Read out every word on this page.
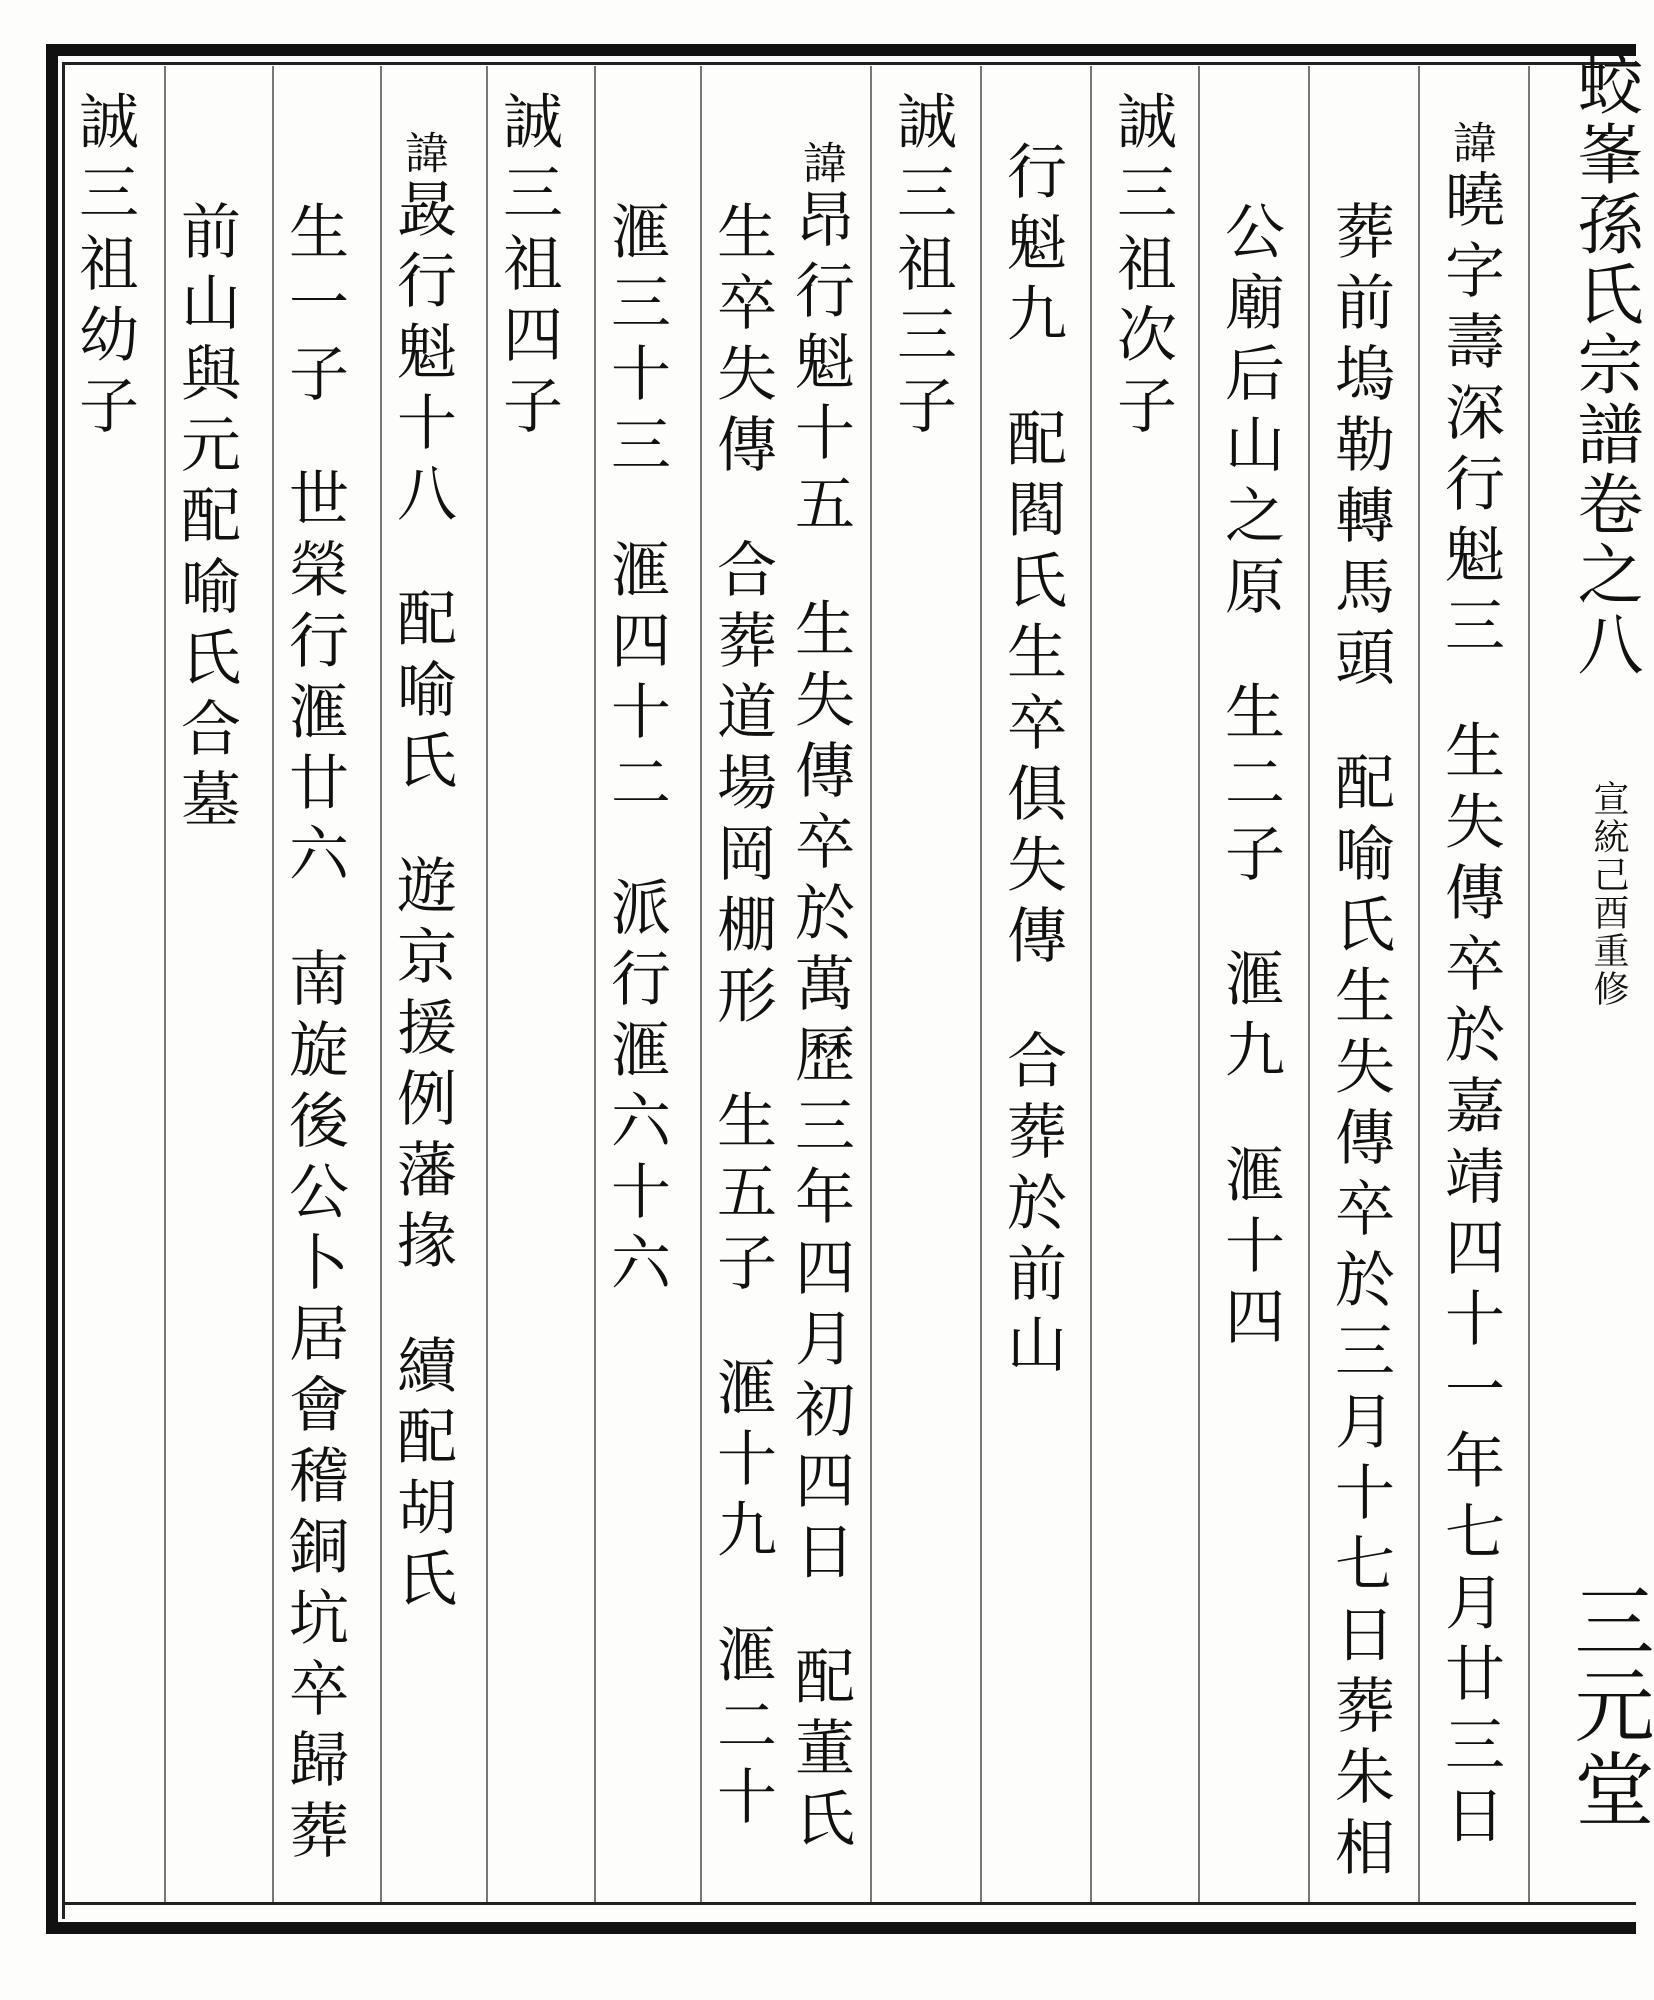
蛟峯孫氏宗譜卷之八
宣統己酉重修
三元堂
諱曉字壽深行魁三生失傳卒於嘉靖四十一年七月廿三日
葬前塢勒轉馬頭配喻氏生失傳卒於三月十七日葬朱相
公廟后山之原生二子滙九滙十四
誠三祖次子
行魁九配閻氏生卒俱失傳合葬於前山
誠三祖三子
諱昂行魁十五生失傳卒於萬歷三年四月初四日配董氏
生卒失傳合葬道場岡棚形生五子滙十九滙二十
滙三十三滙四十二派行滙六十六
誠三祖四子
諱晸行魁十八配喻氏遊京援例藩掾續配胡氏
生一子世榮行滙廿六南旋後公卜居會稽銅坑卒歸葬
前山與元配喻氏合墓
誠三祖幼子
